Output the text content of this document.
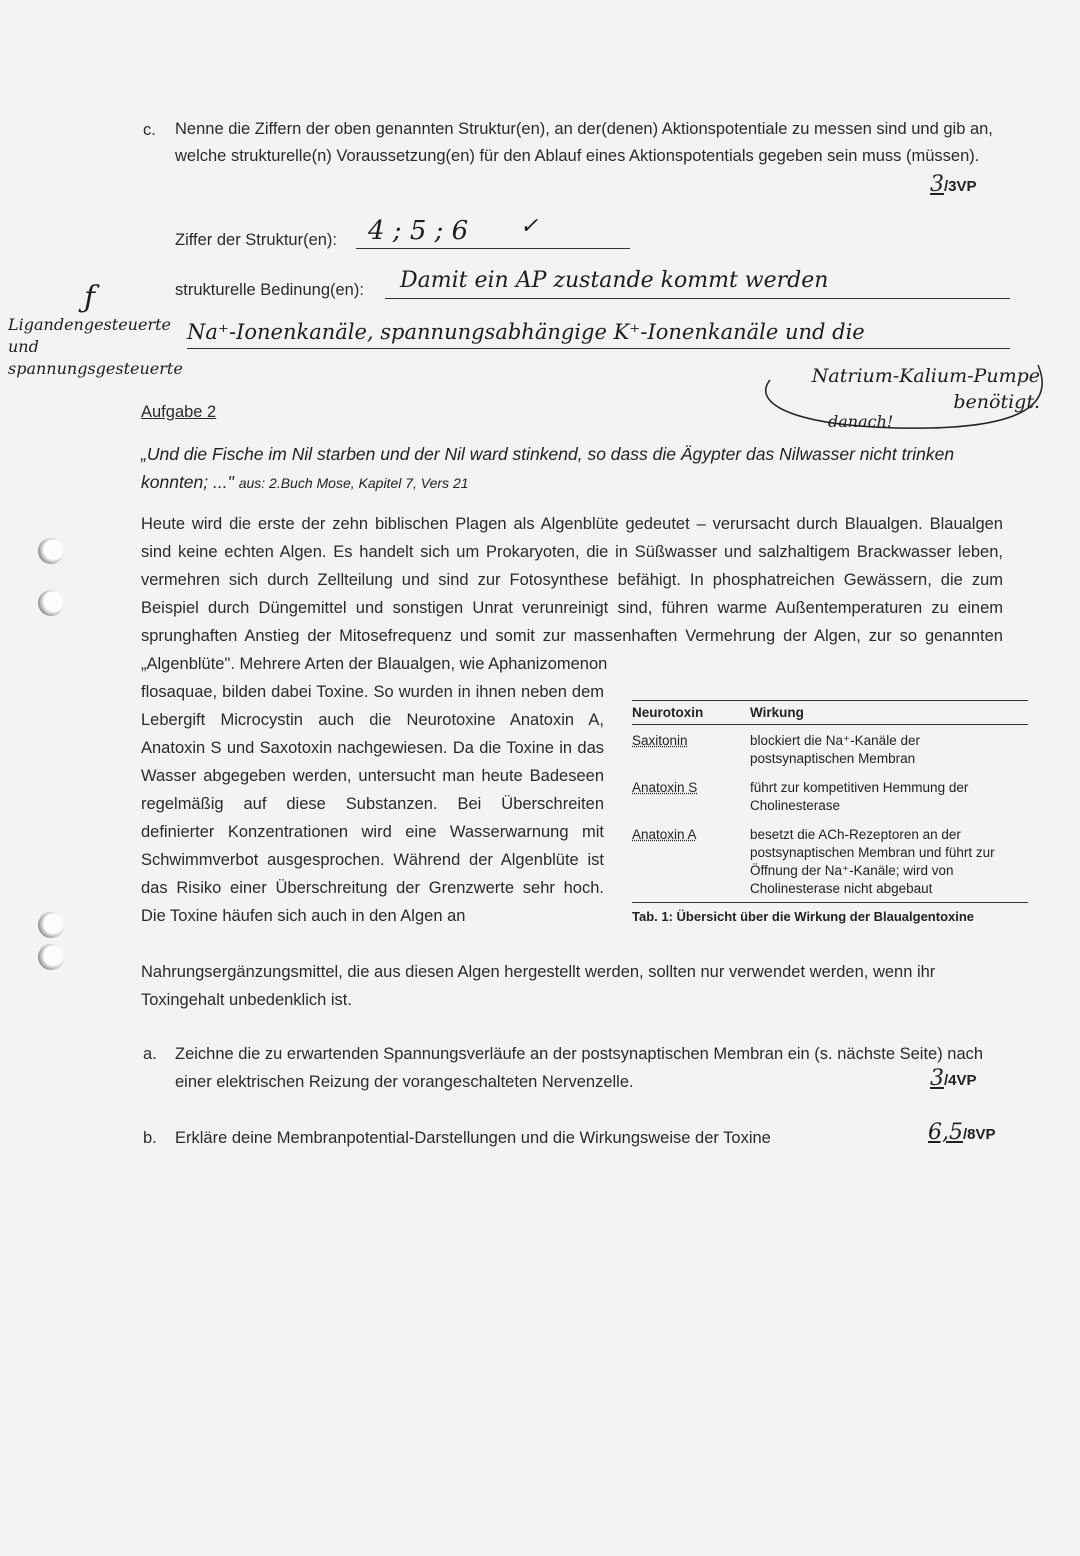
c.	Nenne die Ziffern der oben genannten Struktur(en), an der(denen) Aktionspotentiale zu messen sind und gib an, welche strukturelle(n) Voraussetzung(en) für den Ablauf eines Aktionspotentials gegeben sein muss (müssen).
3/3VP
Ziffer der Struktur(en): 4 ; 5 ; 6 ✓
strukturelle Bedinung(en): Damit ein AP zustande kommt werden
Na⁺-Ionenkanäle, spannungsabhängige K⁺-Ionenkanäle und die
Natrium-Kalium-Pumpe benötigt.
Ligandengesteuerte und spannungsgesteuerte
ƒ
danach!
Aufgabe 2
„Und die Fische im Nil starben und der Nil ward stinkend, so dass die Ägypter das Nilwasser nicht trinken konnten; ..." aus: 2.Buch Mose, Kapitel 7, Vers 21
Heute wird die erste der zehn biblischen Plagen als Algenblüte gedeutet – verursacht durch Blaualgen. Blaualgen sind keine echten Algen. Es handelt sich um Prokaryoten, die in Süßwasser und salzhaltigem Brackwasser leben, vermehren sich durch Zellteilung und sind zur Fotosynthese befähigt. In phosphatreichen Gewässern, die zum Beispiel durch Düngemittel und sonstigen Unrat verunreinigt sind, führen warme Außentemperaturen zu einem sprunghaften Anstieg der Mitosefrequenz und somit zur massenhaften Vermehrung der Algen, zur so genannten „Algenblüte". Mehrere Arten der Blaualgen, wie Aphanizomenon
flosaquae, bilden dabei Toxine. So wurden in ihnen neben dem Lebergift Microcystin auch die Neurotoxine Anatoxin A, Anatoxin S und Saxotoxin nachgewiesen. Da die Toxine in das Wasser abgegeben werden, untersucht man heute Badeseen regelmäßig auf diese Substanzen. Bei Überschreiten definierter Konzentrationen wird eine Wasserwarnung mit Schwimmverbot ausgesprochen. Während der Algenblüte ist das Risiko einer Überschreitung der Grenzwerte sehr hoch. Die Toxine häufen sich auch in den Algen an
Nahrungsergänzungsmittel, die aus diesen Algen hergestellt werden, sollten nur verwendet werden, wenn ihr Toxingehalt unbedenklich ist.
Neurotoxin	Wirkung
Saxitonin	blockiert die Na⁺-Kanäle der postsynaptischen Membran
Anatoxin S	führt zur kompetitiven Hemmung der Cholinesterase
Anatoxin A	besetzt die ACh-Rezeptoren an der postsynaptischen Membran und führt zur Öffnung der Na⁺-Kanäle; wird von Cholinesterase nicht abgebaut
Tab. 1: Übersicht über die Wirkung der Blaualgentoxine
a. Zeichne die zu erwartenden Spannungsverläufe an der postsynaptischen Membran ein (s. nächste Seite) nach einer elektrischen Reizung der vorangeschalteten Nervenzelle.	3/4VP
b. Erkläre deine Membranpotential-Darstellungen und die Wirkungsweise der Toxine	6,5/8VP
